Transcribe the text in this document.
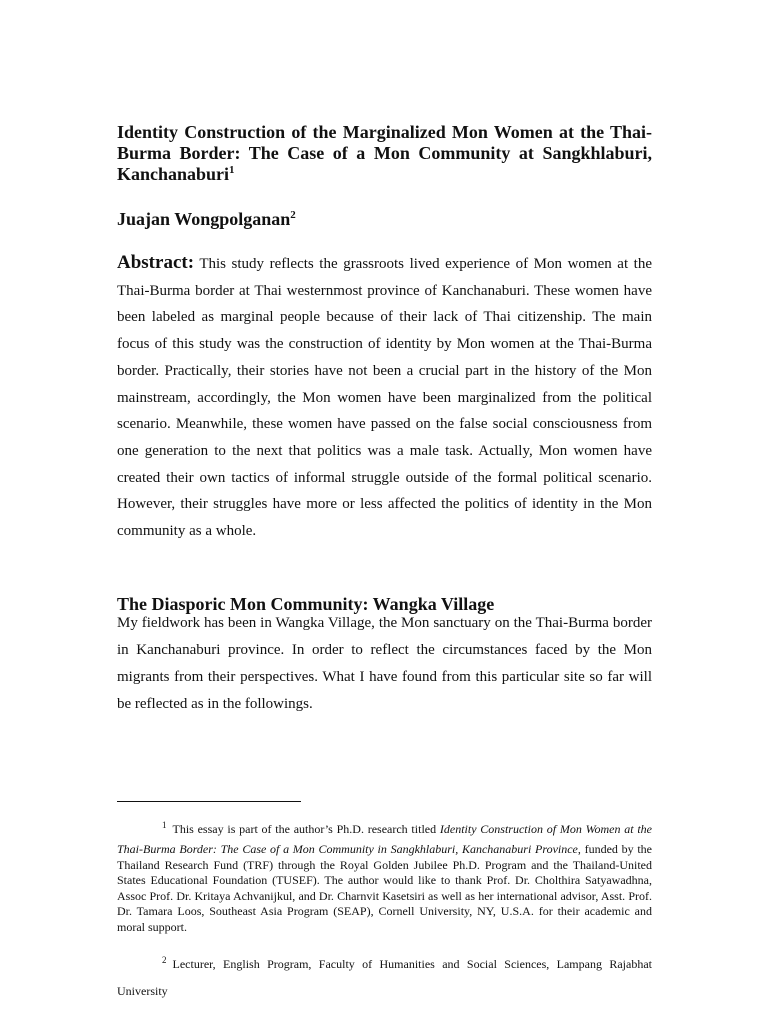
Identity Construction of the Marginalized Mon Women at the Thai-Burma Border: The Case of a Mon Community at Sangkhlaburi, Kanchanaburi$^1$
Juajan Wongpolganan$^2$

Abstract: This study reflects the grassroots lived experience of Mon women at the Thai-Burma border at Thai westernmost province of Kanchanaburi. These women have been labeled as marginal people because of their lack of Thai citizenship. The main focus of this study was the construction of identity by Mon women at the Thai-Burma border. Practically, their stories have not been a crucial part in the history of the Mon mainstream, accordingly, the Mon women have been marginalized from the political scenario. Meanwhile, these women have passed on the false social consciousness from one generation to the next that politics was a male task. Actually, Mon women have created their own tactics of informal struggle outside of the formal political scenario. However, their struggles have more or less affected the politics of identity in the Mon community as a whole.

The Diasporic Mon Community: Wangka Village

My fieldwork has been in Wangka Village, the Mon sanctuary on the Thai-Burma border in Kanchanaburi province. In order to reflect the circumstances faced by the Mon migrants from their perspectives. What I have found from this particular site so far will be reflected as in the followings.

$^1$ This essay is part of the author’s Ph.D. research titled Identity Construction of Mon Women at the Thai-Burma Border: The Case of a Mon Community in Sangkhlaburi, Kanchanaburi Province, funded by the Thailand Research Fund (TRF) through the Royal Golden Jubilee Ph.D. Program and the Thailand-United States Educational Foundation (TUSEF). The author would like to thank Prof. Dr. Cholthira Satyawadhna, Assoc Prof. Dr. Kritaya Achvanijkul, and Dr. Charnvit Kasetsiri as well as her international advisor, Asst. Prof. Dr. Tamara Loos, Southeast Asia Program (SEAP), Cornell University, NY, U.S.A. for their academic and moral support.

$^2$ Lecturer, English Program, Faculty of Humanities and Social Sciences, Lampang Rajabhat University
